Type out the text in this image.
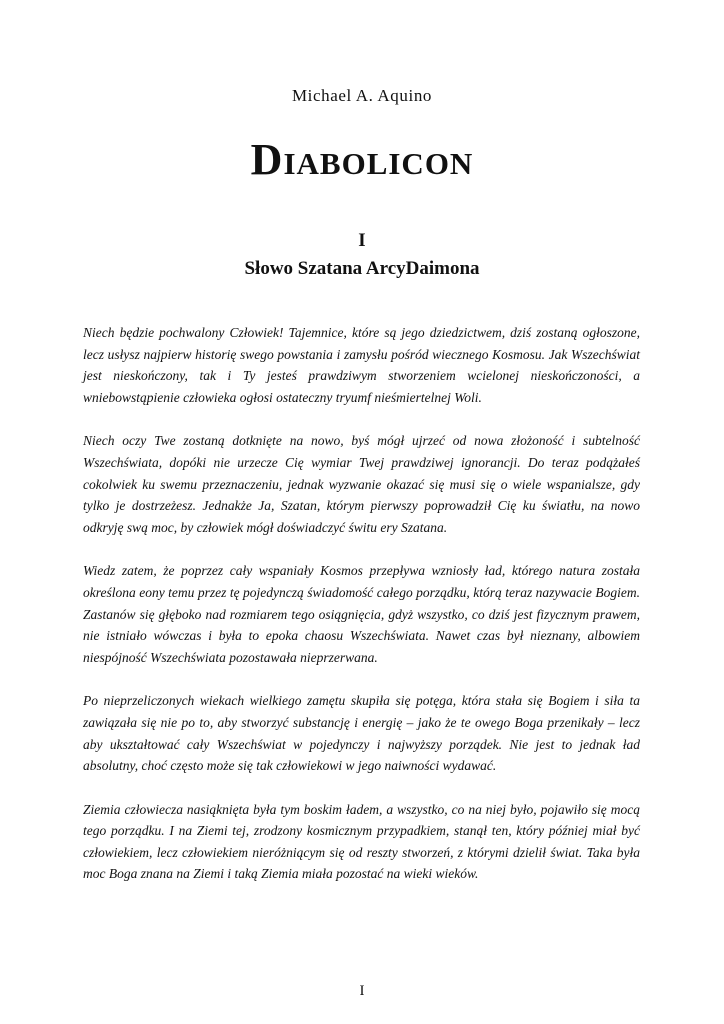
Michael A. Aquino
Diabolicon
I
Słowo Szatana ArcyDaimona

Niech będzie pochwalony Człowiek! Tajemnice, które są jego dziedzictwem, dziś zostaną ogłoszone, lecz usłysz najpierw historię swego powstania i zamysłu pośród wiecznego Kosmosu. Jak Wszechświat jest nieskończony, tak i Ty jesteś prawdziwym stworzeniem wcielonej nieskończoności, a wniebowstąpienie człowieka ogłosi ostateczny tryumf nieśmiertelnej Woli.

Niech oczy Twe zostaną dotknięte na nowo, byś mógł ujrzeć od nowa złożoność i subtelność Wszechświata, dopóki nie urzecze Cię wymiar Twej prawdziwej ignorancji. Do teraz podążałeś cokolwiek ku swemu przeznaczeniu, jednak wyzwanie okazać się musi się o wiele wspanialsze, gdy tylko je dostrzeżesz. Jednakże Ja, Szatan, którym pierwszy poprowadził Cię ku światłu, na nowo odkryję swą moc, by człowiek mógł doświadczyć świtu ery Szatana.

Wiedz zatem, że poprzez cały wspaniały Kosmos przepływa wzniosły ład, którego natura została określona eony temu przez tę pojedynczą świadomość całego porządku, którą teraz nazywacie Bogiem. Zastanów się głęboko nad rozmiarem tego osiągnięcia, gdyż wszystko, co dziś jest fizycznym prawem, nie istniało wówczas i była to epoka chaosu Wszechświata. Nawet czas był nieznany, albowiem niespójność Wszechświata pozostawała nieprzerwana.

Po nieprzeliczonych wiekach wielkiego zamętu skupiła się potęga, która stała się Bogiem i siła ta zawiązała się nie po to, aby stworzyć substancję i energię – jako że te owego Boga przenikały – lecz aby ukształtować cały Wszechświat w pojedynczy i najwyższy porządek. Nie jest to jednak ład absolutny, choć często może się tak człowiekowi w jego naiwności wydawać.

Ziemia człowiecza nasiąknięta była tym boskim ładem, a wszystko, co na niej było, pojawiło się mocą tego porządku. I na Ziemi tej, zrodzony kosmicznym przypadkiem, stanął ten, który później miał być człowiekiem, lecz człowiekiem nieróżniącym się od reszty stworzeń, z którymi dzielił świat. Taka była moc Boga znana na Ziemi i taką Ziemia miała pozostać na wieki wieków.

I
